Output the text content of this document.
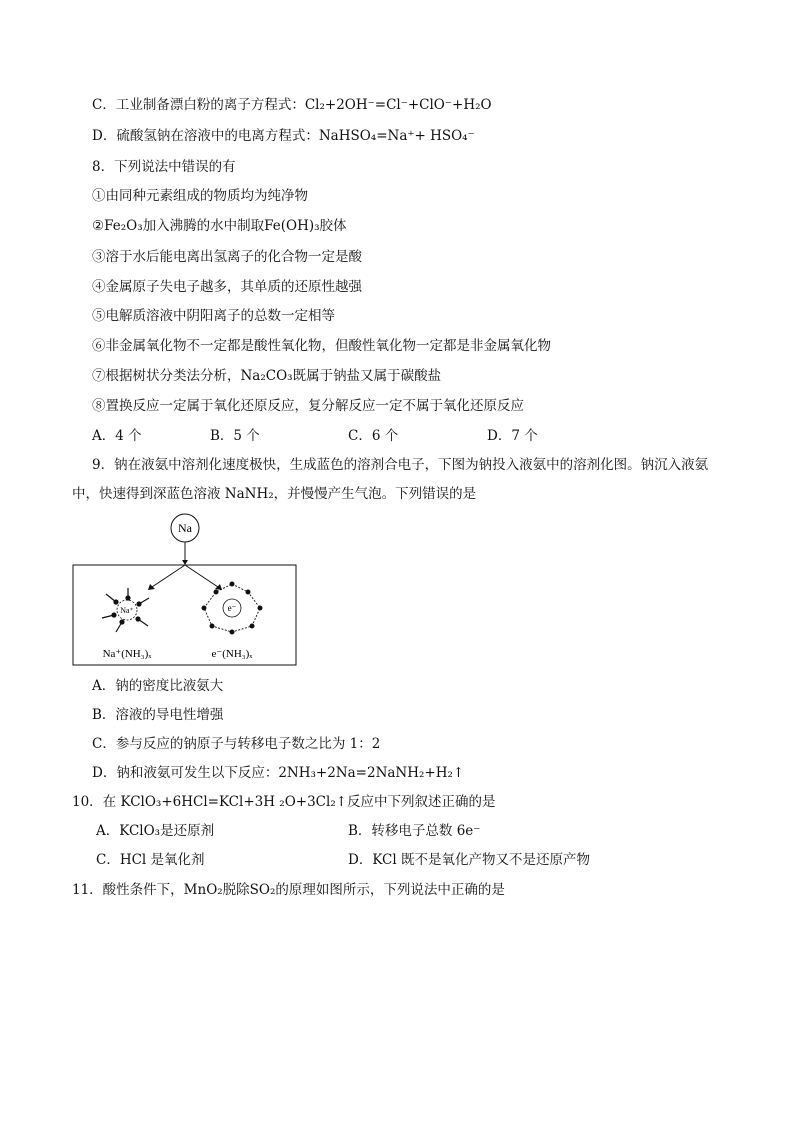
C．工业制备漂白粉的离子方程式：Cl₂+2OH⁻=Cl⁻+ClO⁻+H₂O
D．硫酸氢钠在溶液中的电离方程式：NaHSO₄=Na⁺+ HSO₄⁻
8．下列说法中错误的有
①由同种元素组成的物质均为纯净物
②Fe₂O₃加入沸腾的水中制取Fe(OH)₃胶体
③溶于水后能电离出氢离子的化合物一定是酸
④金属原子失电子越多，其单质的还原性越强
⑤电解质溶液中阴阳离子的总数一定相等
⑥非金属氧化物不一定都是酸性氧化物，但酸性氧化物一定都是非金属氧化物
⑦根据树状分类法分析，Na₂CO₃既属于钠盐又属于碳酸盐
⑧置换反应一定属于氧化还原反应，复分解反应一定不属于氧化还原反应
A．4 个	B．5 个	C．6 个	D．7 个
9．钠在液氨中溶剂化速度极快，生成蓝色的溶剂合电子，下图为钠投入液氨中的溶剂化图。钠沉入液氨
中，快速得到深蓝色溶液 NaNH₂，并慢慢产生气泡。下列错误的是
Na
Na⁺	e⁻
Na⁺(NH₃)ₓ	e⁻(NH₃)ₓ
A．钠的密度比液氨大
B．溶液的导电性增强
C．参与反应的钠原子与转移电子数之比为 1：2
D．钠和液氨可发生以下反应：2NH₃+2Na=2NaNH₂+H₂↑
10．在 KClO₃+6HCl=KCl+3H ₂O+3Cl₂↑反应中下列叙述正确的是
A．KClO₃是还原剂	B．转移电子总数 6e⁻
C．HCl 是氧化剂	D．KCl 既不是氧化产物又不是还原产物
11．酸性条件下，MnO₂脱除SO₂的原理如图所示，下列说法中正确的是
